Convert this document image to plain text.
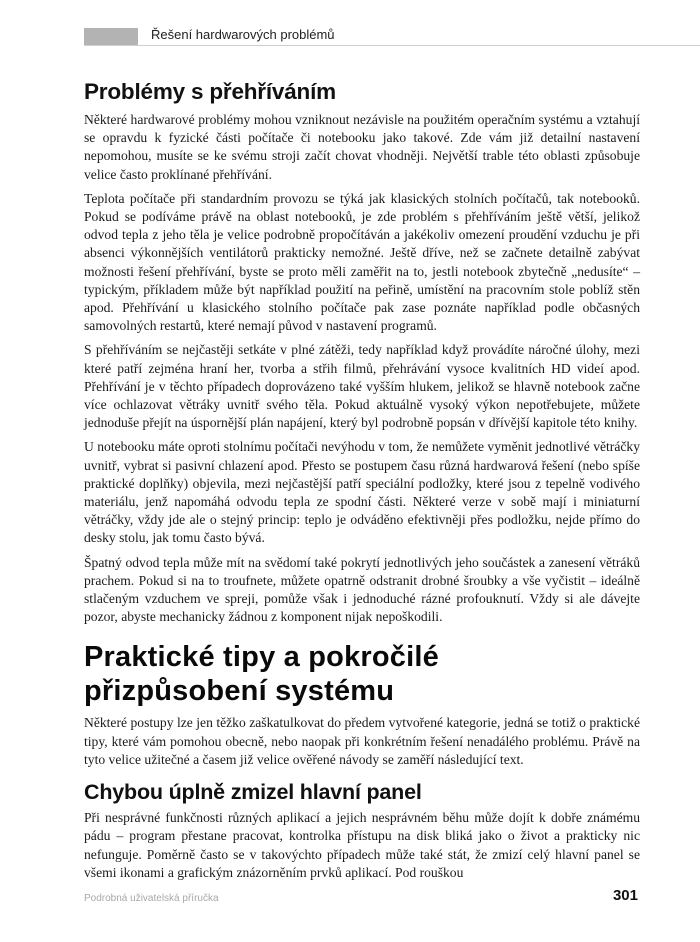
Řešení hardwarových problémů
Problémy s přehříváním

Některé hardwarové problémy mohou vzniknout nezávisle na použitém operačním systému a vztahují se opravdu k fyzické části počítače či notebooku jako takové. Zde vám již detailní nastavení nepomohou, musíte se ke svému stroji začít chovat vhodněji. Největší trable této oblasti způsobuje velice často proklínané přehřívání.

Teplota počítače při standardním provozu se týká jak klasických stolních počítačů, tak notebooků. Pokud se podíváme právě na oblast notebooků, je zde problém s přehříváním ještě větší, jelikož odvod tepla z jeho těla je velice podrobně propočítáván a jakékoliv omezení proudění vzduchu je při absenci výkonnějších ventilátorů prakticky nemožné. Ještě dříve, než se začnete detailně zabývat možnosti řešení přehřívání, byste se proto měli zaměřit na to, jestli notebook zbytečně „nedusíte“ – typickým, příkladem může být například použití na peřině, umístění na pracovním stole poblíž stěn apod. Přehřívání u klasického stolního počítače pak zase poznáte například podle občasných samovolných restartů, které nemají původ v nastavení programů.

S přehříváním se nejčastěji setkáte v plné zátěži, tedy například když provádíte náročné úlohy, mezi které patří zejména hraní her, tvorba a střih filmů, přehrávání vysoce kvalitních HD videí apod. Přehřívání je v těchto případech doprovázeno také vyšším hlukem, jelikož se hlavně notebook začne více ochlazovat větráky uvnitř svého těla. Pokud aktuálně vysoký výkon nepotřebujete, můžete jednoduše přejít na úspornější plán napájení, který byl podrobně popsán v dřívější kapitole této knihy.

U notebooku máte oproti stolnímu počítači nevýhodu v tom, že nemůžete vyměnit jednotlivé větráčky uvnitř, vybrat si pasivní chlazení apod. Přesto se postupem času různá hardwarová řešení (nebo spíše praktické doplňky) objevila, mezi nejčastější patří speciální podložky, které jsou z tepelně vodivého materiálu, jenž napomáhá odvodu tepla ze spodní části. Některé verze v sobě mají i miniaturní větráčky, vždy jde ale o stejný princip: teplo je odváděno efektivněji přes podložku, nejde přímo do desky stolu, jak tomu často bývá.

Špatný odvod tepla může mít na svědomí také pokrytí jednotlivých jeho součástek a zanesení větráků prachem. Pokud si na to troufnete, můžete opatrně odstranit drobné šroubky a vše vyčistit – ideálně stlačeným vzduchem ve spreji, pomůže však i jednoduché rázné profouknutí. Vždy si ale dávejte pozor, abyste mechanicky žádnou z komponent nijak nepoškodili.

Praktické tipy a pokročilé
přizpůsobení systému

Některé postupy lze jen těžko zaškatulkovat do předem vytvořené kategorie, jedná se totiž o praktické tipy, které vám pomohou obecně, nebo naopak při konkrétním řešení nenadálého problému. Právě na tyto velice užitečné a časem již velice ověřené návody se zaměří následující text.

Chybou úplně zmizel hlavní panel

Při nesprávné funkčnosti různých aplikací a jejich nesprávném běhu může dojít k dobře známému pádu – program přestane pracovat, kontrolka přístupu na disk bliká jako o život a prakticky nic nefunguje. Poměrně často se v takovýchto případech může také stát, že zmizí celý hlavní panel se všemi ikonami a grafickým znázorněním prvků aplikací. Pod rouškou

Podrobná uživatelská příručka	301
